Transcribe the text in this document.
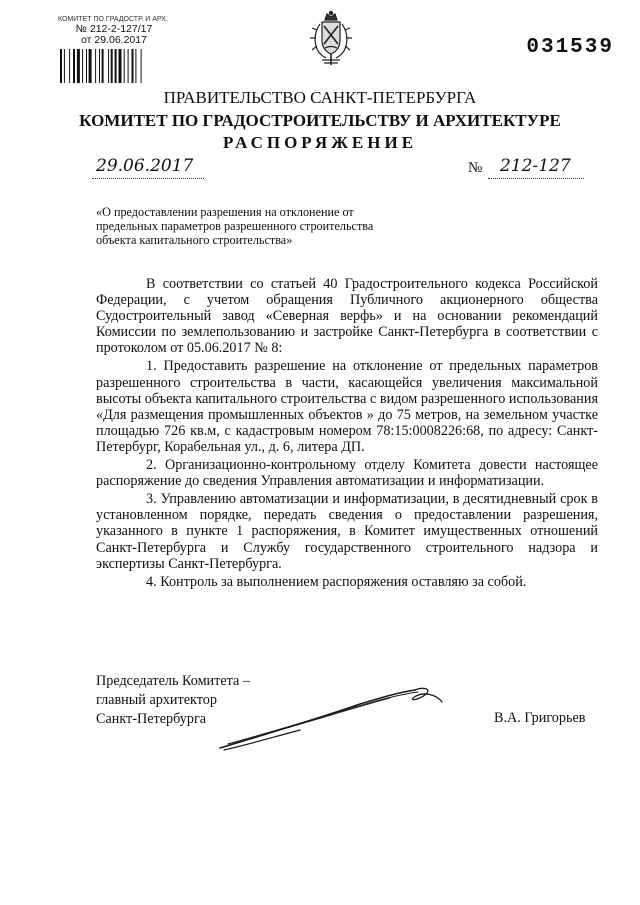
КОМИТЕТ ПО ГРАДОСТР. И АРХ.
№ 212-2-127/17
от 29.06.2017	031539
ПРАВИТЕЛЬСТВО САНКТ-ПЕТЕРБУРГА
КОМИТЕТ ПО ГРАДОСТРОИТЕЛЬСТВУ И АРХИТЕКТУРЕ
РАСПОРЯЖЕНИЕ
29.06.2017	№ 212-127
«О предоставлении разрешения на отклонение от предельных параметров разрешенного строительства объекта капитального строительства»

В соответствии со статьей 40 Градостроительного кодекса Российской Федерации, с учетом обращения Публичного акционерного общества Судостроительный завод «Северная верфь» и на основании рекомендаций Комиссии по землепользованию и застройке Санкт-Петербурга в соответствии с протоколом от 05.06.2017 № 8:

1. Предоставить разрешение на отклонение от предельных параметров разрешенного строительства в части, касающейся увеличения максимальной высоты объекта капитального строительства с видом разрешенного использования «Для размещения промышленных объектов » до 75 метров, на земельном участке площадью 726 кв.м, с кадастровым номером 78:15:0008226:68, по адресу: Санкт-Петербург, Корабельная ул., д. 6, литера ДП.

2. Организационно-контрольному отделу Комитета довести настоящее распоряжение до сведения Управления автоматизации и информатизации.

3. Управлению автоматизации и информатизации, в десятидневный срок в установленном порядке, передать сведения о предоставлении разрешения, указанного в пункте 1 распоряжения, в Комитет имущественных отношений Санкт-Петербурга и Службу государственного строительного надзора и экспертизы Санкт-Петербурга.

4. Контроль за выполнением распоряжения оставляю за собой.

Председатель Комитета –
главный архитектор
Санкт-Петербурга	В.А. Григорьев
